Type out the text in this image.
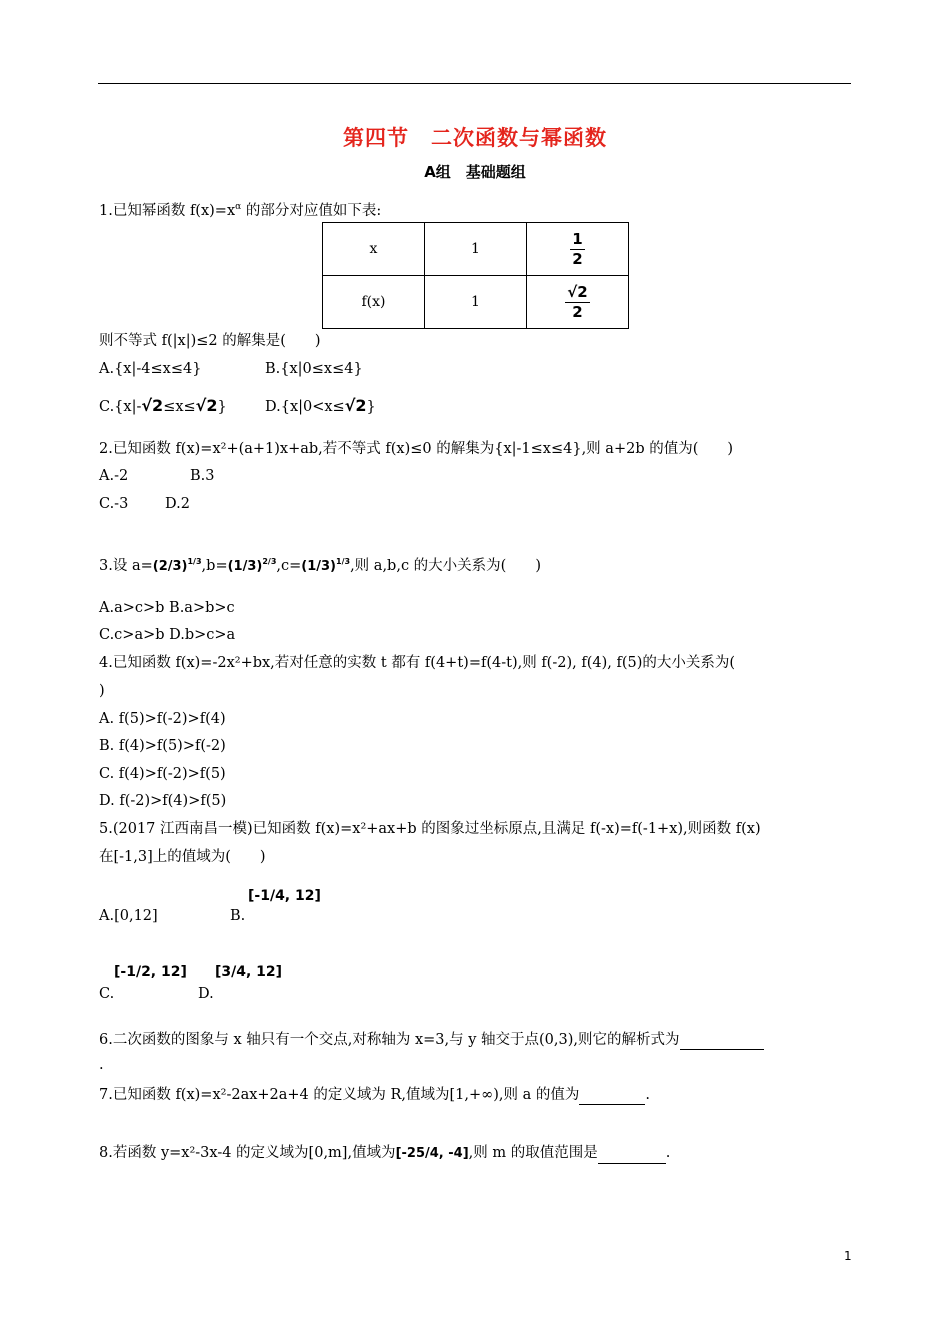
第四节　二次函数与幂函数
A组　基础题组
1.已知幂函数 $f(x)=x^\alpha$ 的部分对应值如下表:
x	1	$\frac{1}{2}$

f(x)	1	$\frac{√2}{2}$
则不等式 f(|x|)≤2 的解集是(　　)
A.{x|-4≤x≤4}	B.{x|0≤x≤4}
C.{x|-√2≤x≤√2}	D.{x|0<x≤√2}
2.已知函数 f(x)=x²+(a+1)x+ab,若不等式 f(x)≤0 的解集为{x|-1≤x≤4},则 a+2b 的值为(　　)
A.-2	B.3
C.-3	D.2
3.设 $a=(2/3)^{1/3},b=(1/3)^{2/3},c=(1/3)^{1/3}$,则 a,b,c 的大小关系为(　　)
A.a>c>b B.a>b>c
C.c>a>b D.b>c>a
4.已知函数 f(x)=-2x²+bx,若对任意的实数 t 都有 f(4+t)=f(4-t),则 f(-2), f(4), f(5)的大小关系为(
)
A. f(5)>f(-2)>f(4)
B. f(4)>f(5)>f(-2)
C. f(4)>f(-2)>f(5)
D. f(-2)>f(4)>f(5)
5.(2017 江西南昌一模)已知函数 f(x)=x²+ax+b 的图象过坐标原点,且满足 f(-x)=f(-1+x),则函数 f(x)
在[-1,3]上的值域为(　　)
A.[0,12]	B.
[-1/4, 12]
C.
[-1/2, 12]
D.
[3/4, 12]
6.二次函数的图象与 x 轴只有一个交点,对称轴为 x=3,与 y 轴交于点(0,3),则它的解析式为
.
7.已知函数 f(x)=x²-2ax+2a+4 的定义域为 R,值域为[1,+∞),则 a 的值为	.
8.若函数 y=x²-3x-4 的定义域为[0,m],值域为[-25/4, -4],则 m 的取值范围是	.
1
